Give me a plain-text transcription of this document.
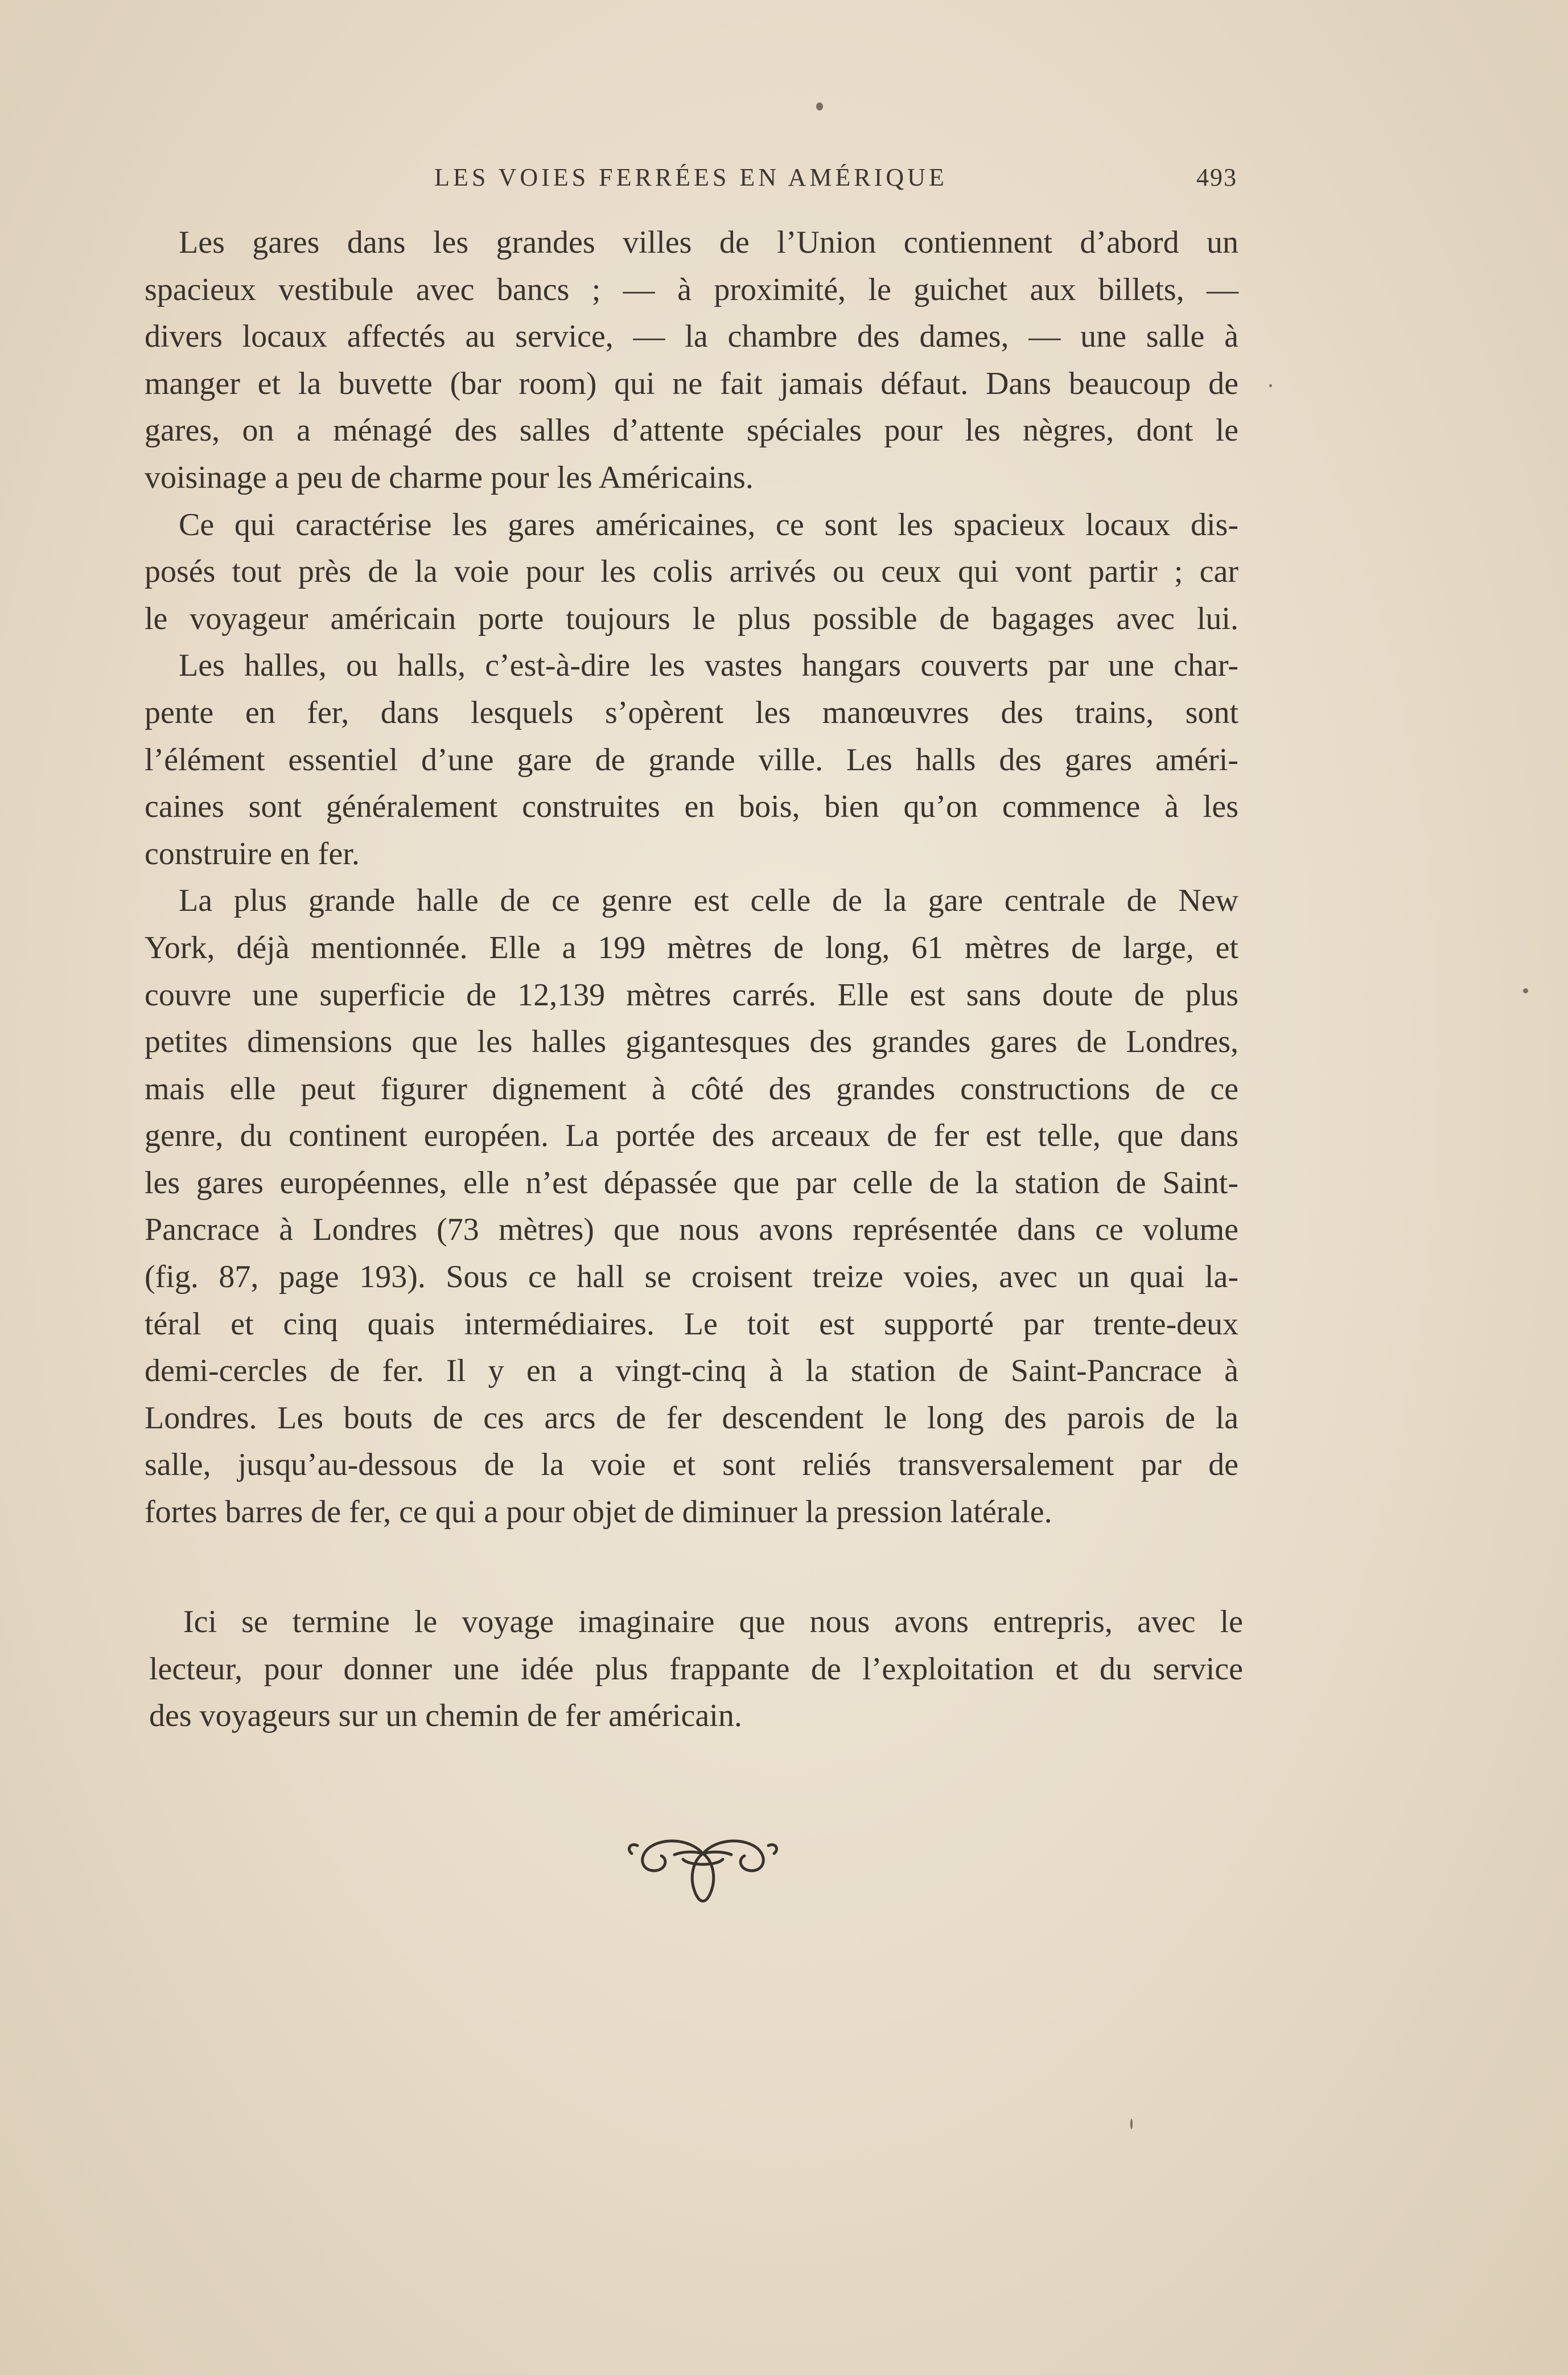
LES VOIES FERRÉES EN AMÉRIQUE	493
Les gares dans les grandes villes de l’Union contiennent d’abord un
spacieux vestibule avec bancs ; — à proximité, le guichet aux billets, —
divers locaux affectés au service, — la chambre des dames, — une salle à
manger et la buvette (bar room) qui ne fait jamais défaut. Dans beaucoup de
gares, on a ménagé des salles d’attente spéciales pour les nègres, dont le
voisinage a peu de charme pour les Américains.
Ce qui caractérise les gares américaines, ce sont les spacieux locaux dis-
posés tout près de la voie pour les colis arrivés ou ceux qui vont partir ; car
le voyageur américain porte toujours le plus possible de bagages avec lui.
Les halles, ou halls, c’est-à-dire les vastes hangars couverts par une char-
pente en fer, dans lesquels s’opèrent les manœuvres des trains, sont
l’élément essentiel d’une gare de grande ville. Les halls des gares améri-
caines sont généralement construites en bois, bien qu’on commence à les
construire en fer.
La plus grande halle de ce genre est celle de la gare centrale de New
York, déjà mentionnée. Elle a 199 mètres de long, 61 mètres de large, et
couvre une superficie de 12,139 mètres carrés. Elle est sans doute de plus
petites dimensions que les halles gigantesques des grandes gares de Londres,
mais elle peut figurer dignement à côté des grandes constructions de ce
genre, du continent européen. La portée des arceaux de fer est telle, que dans
les gares européennes, elle n’est dépassée que par celle de la station de Saint-
Pancrace à Londres (73 mètres) que nous avons représentée dans ce volume
(fig. 87, page 193). Sous ce hall se croisent treize voies, avec un quai la-
téral et cinq quais intermédiaires. Le toit est supporté par trente-deux
demi-cercles de fer. Il y en a vingt-cinq à la station de Saint-Pancrace à
Londres. Les bouts de ces arcs de fer descendent le long des parois de la
salle, jusqu’au-dessous de la voie et sont reliés transversalement par de
fortes barres de fer, ce qui a pour objet de diminuer la pression latérale.
Ici se termine le voyage imaginaire que nous avons entrepris, avec le
lecteur, pour donner une idée plus frappante de l’exploitation et du service
des voyageurs sur un chemin de fer américain.
